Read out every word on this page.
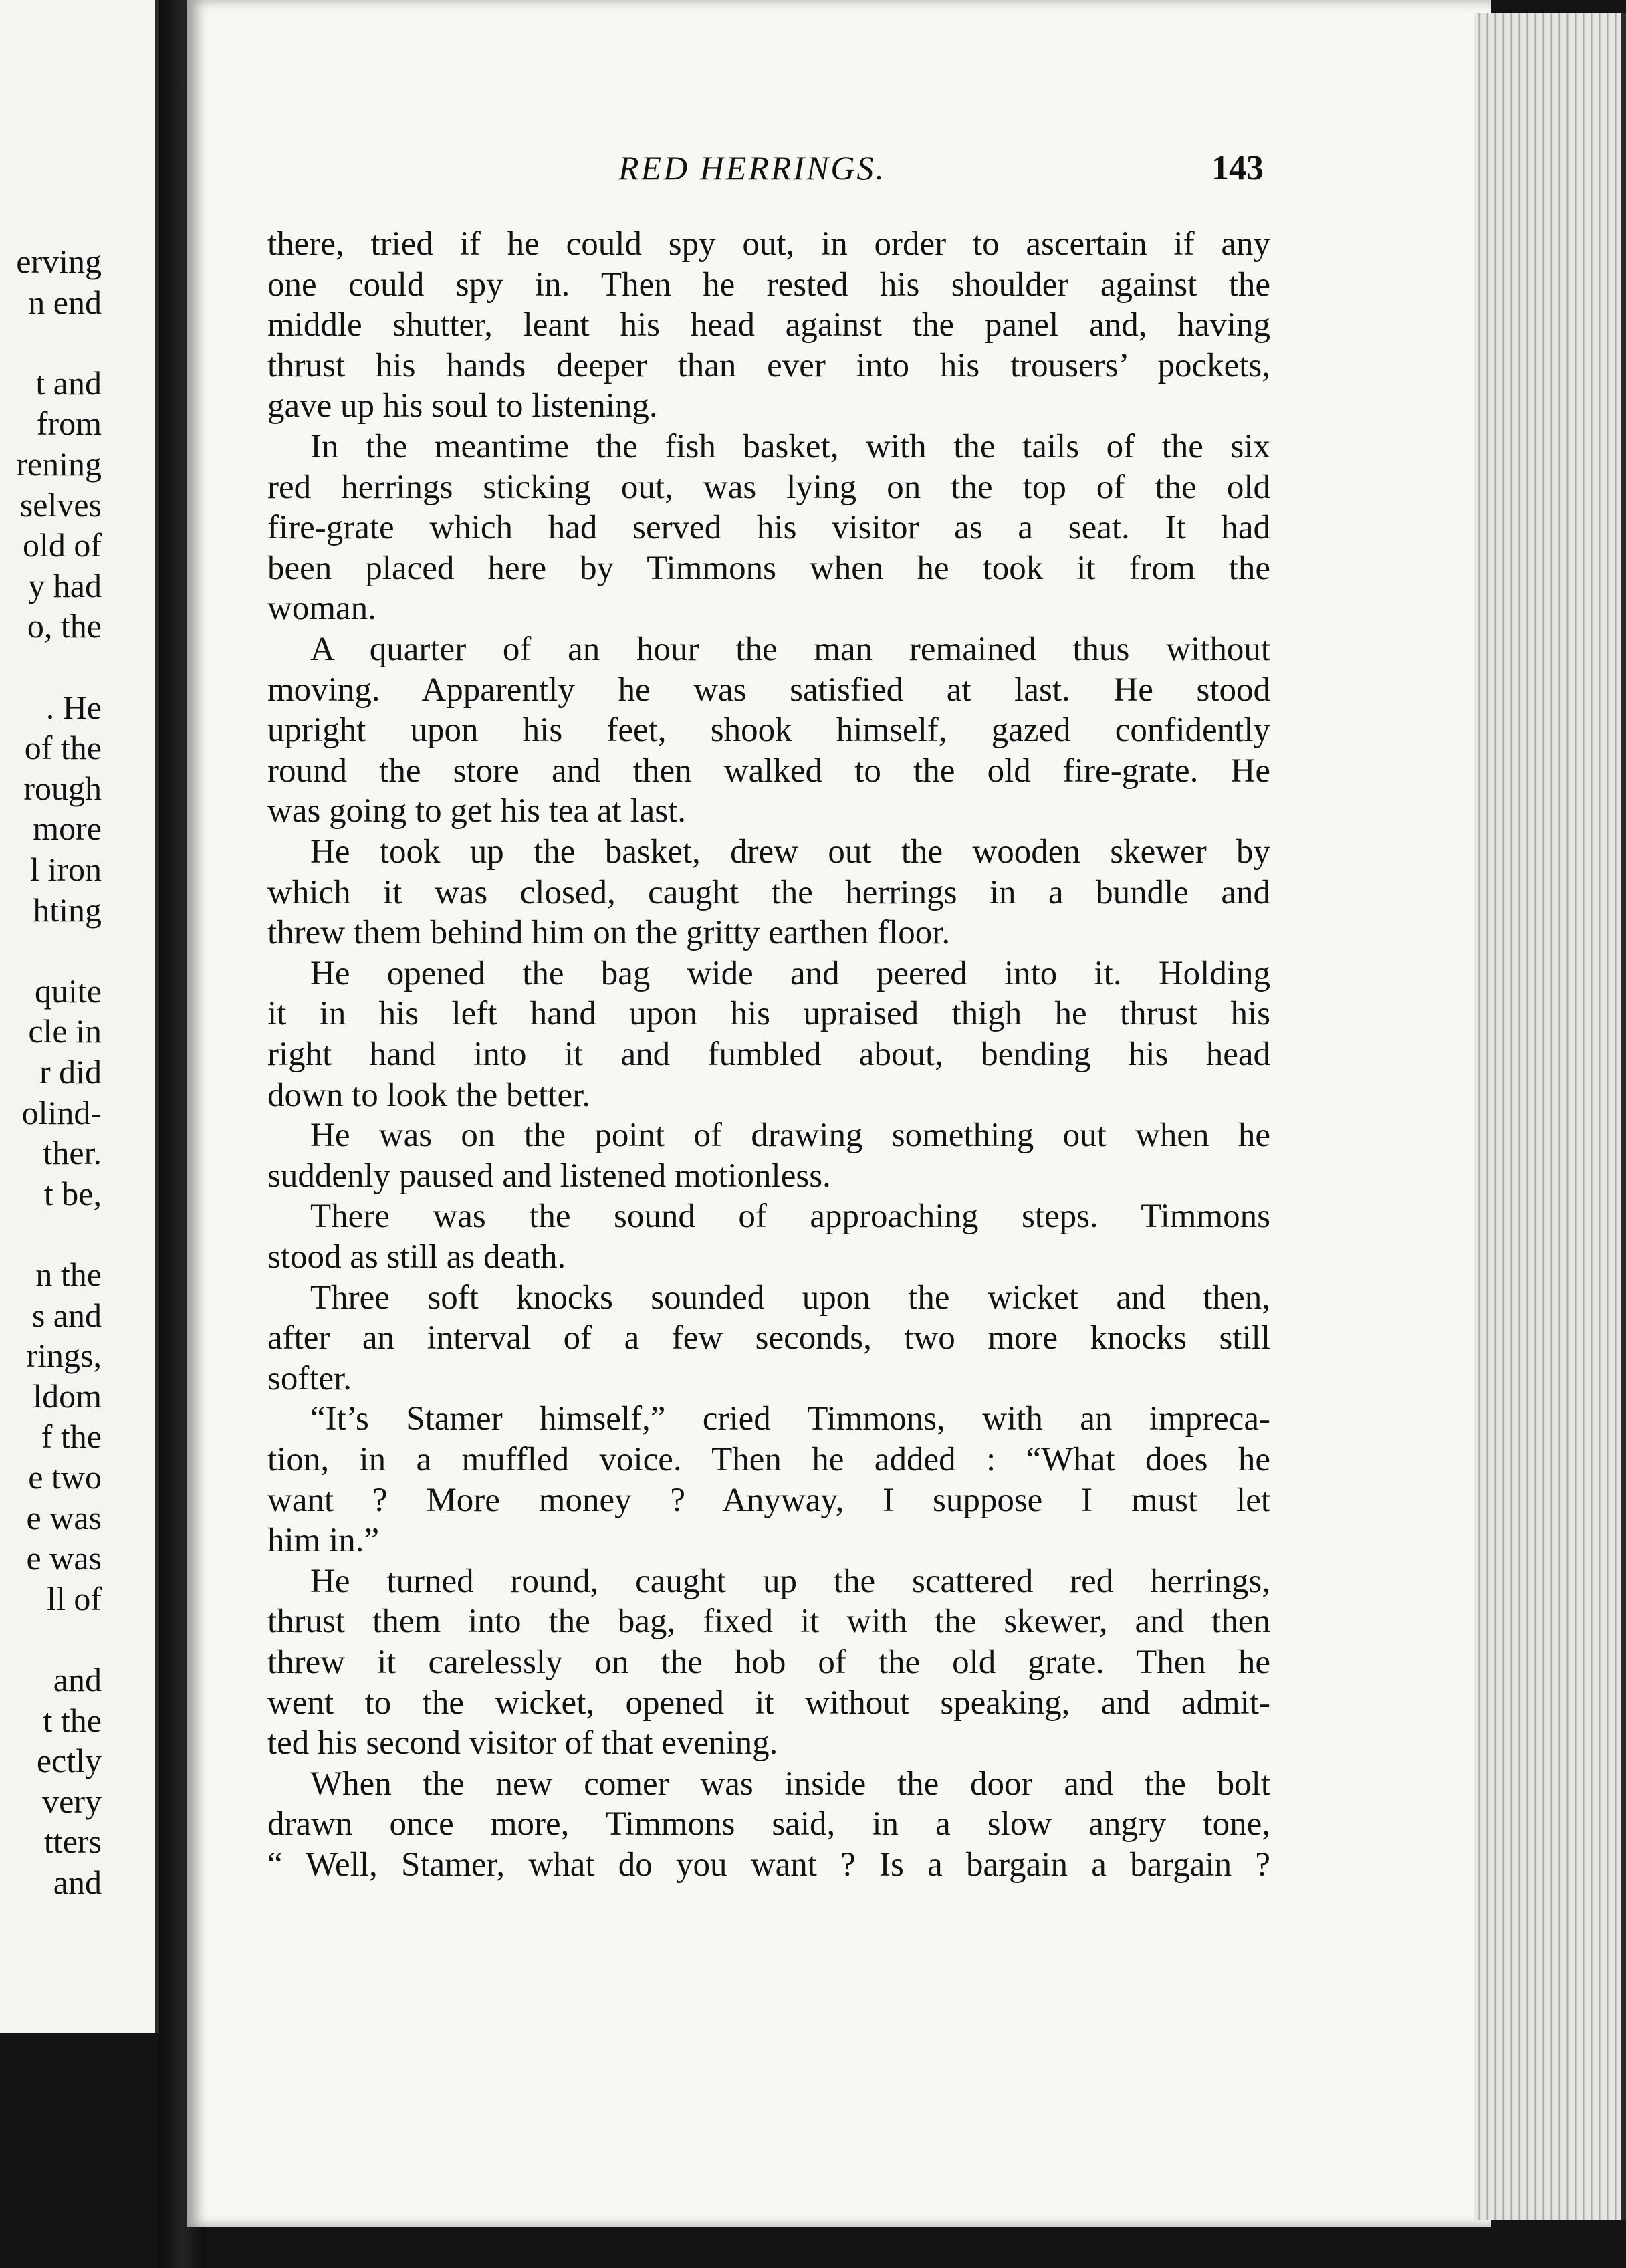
erving
n end
t and
from
rening
selves
old of
y had
o, the
. He
of the
rough
more
l iron
hting
quite
cle in
r did
olind-
ther.
t be,
n the
s and
rings,
ldom
f the
e two
e was
e was
ll of
and
t the
ectly
very
tters
and
RED HERRINGS.	143
there, tried if he could spy out, in order to ascertain if any
one could spy in. Then he rested his shoulder against the
middle shutter, leant his head against the panel and, having
thrust his hands deeper than ever into his trousers’ pockets,
gave up his soul to listening.
In the meantime the fish basket, with the tails of the six
red herrings sticking out, was lying on the top of the old
fire-grate which had served his visitor as a seat. It had
been placed here by Timmons when he took it from the
woman.
A quarter of an hour the man remained thus without
moving. Apparently he was satisfied at last. He stood
upright upon his feet, shook himself, gazed confidently
round the store and then walked to the old fire-grate. He
was going to get his tea at last.
He took up the basket, drew out the wooden skewer by
which it was closed, caught the herrings in a bundle and
threw them behind him on the gritty earthen floor.
He opened the bag wide and peered into it. Holding
it in his left hand upon his upraised thigh he thrust his
right hand into it and fumbled about, bending his head
down to look the better.
He was on the point of drawing something out when he
suddenly paused and listened motionless.
There was the sound of approaching steps. Timmons
stood as still as death.
Three soft knocks sounded upon the wicket and then,
after an interval of a few seconds, two more knocks still
softer.
“It’s Stamer himself,” cried Timmons, with an impreca-
tion, in a muffled voice. Then he added : “What does he
want ? More money ? Anyway, I suppose I must let
him in.”
He turned round, caught up the scattered red herrings,
thrust them into the bag, fixed it with the skewer, and then
threw it carelessly on the hob of the old grate. Then he
went to the wicket, opened it without speaking, and admit-
ted his second visitor of that evening.
When the new comer was inside the door and the bolt
drawn once more, Timmons said, in a slow angry tone,
“ Well, Stamer, what do you want ? Is a bargain a bargain ?
